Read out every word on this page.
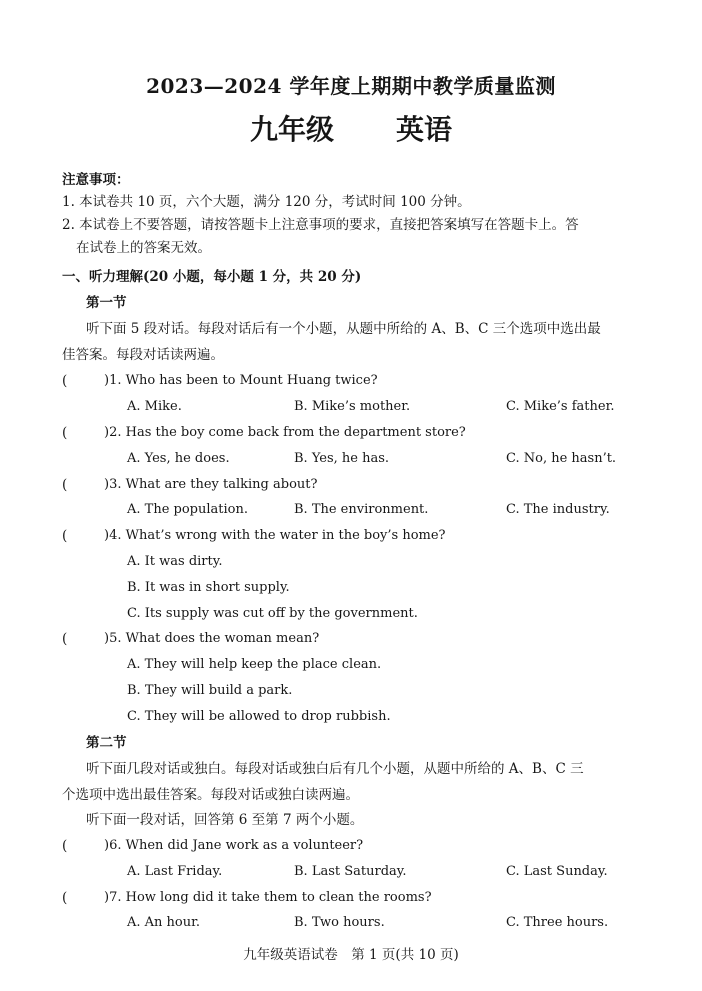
2023—2024 学年度上期期中教学质量监测
九年级 英语
注意事项：
1. 本试卷共 10 页，六个大题，满分 120 分，考试时间 100 分钟。
2. 本试卷上不要答题，请按答题卡上注意事项的要求，直接把答案填写在答题卡上。答
在试卷上的答案无效。
一、听力理解(20 小题，每小题 1 分，共 20 分)
第一节
听下面 5 段对话。每段对话后有一个小题，从题中所给的 A、B、C 三个选项中选出最
佳答案。每段对话读两遍。
(	)1. Who has been to Mount Huang twice?
A. Mike.	B. Mike’s mother.	C. Mike’s father.
(	)2. Has the boy come back from the department store?
A. Yes, he does.	B. Yes, he has.	C. No, he hasn’t.
(	)3. What are they talking about?
A. The population.	B. The environment.	C. The industry.
(	)4. What’s wrong with the water in the boy’s home?
A. It was dirty.
B. It was in short supply.
C. Its supply was cut off by the government.
(	)5. What does the woman mean?
A. They will help keep the place clean.
B. They will build a park.
C. They will be allowed to drop rubbish.
第二节
听下面几段对话或独白。每段对话或独白后有几个小题，从题中所给的 A、B、C 三
个选项中选出最佳答案。每段对话或独白读两遍。
听下面一段对话，回答第 6 至第 7 两个小题。
(	)6. When did Jane work as a volunteer?
A. Last Friday.	B. Last Saturday.	C. Last Sunday.
(	)7. How long did it take them to clean the rooms?
A. An hour.	B. Two hours.	C. Three hours.
九年级英语试卷　第 1 页(共 10 页)
